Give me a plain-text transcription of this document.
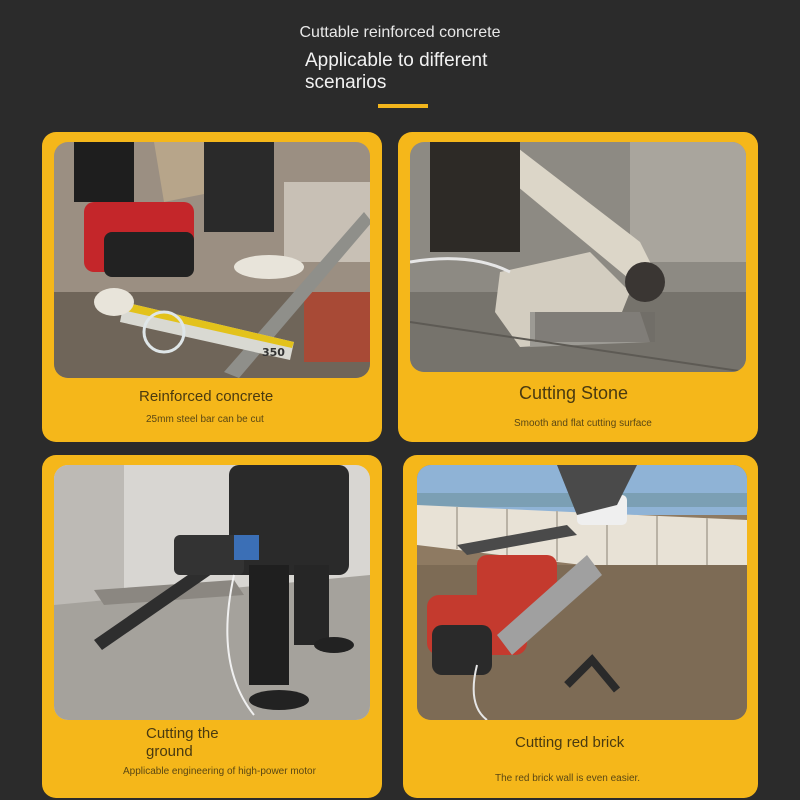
Cuttable reinforced concrete
Applicable to different scenarios
350
Reinforced concrete
25mm steel bar can be cut
Cutting Stone
Smooth and flat cutting surface
Cutting the ground
Applicable engineering of high-power motor
Cutting red brick
The red brick wall is even easier.
